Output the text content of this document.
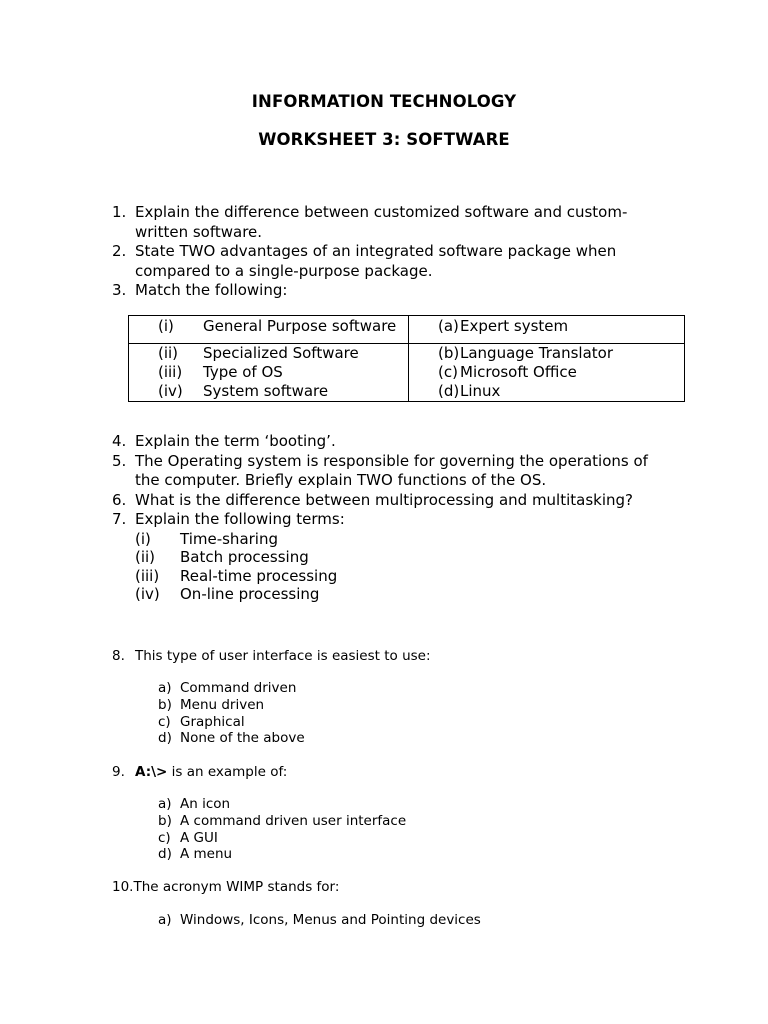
INFORMATION TECHNOLOGY
WORKSHEET 3: SOFTWARE
1. Explain the difference between customized software and custom-written software.
2. State TWO advantages of an integrated software package when compared to a single-purpose package.
3. Match the following:
(i) General Purpose software	(a)Expert system
(ii) Specialized Software	(b)Language Translator
(iii) Type of OS	(c) Microsoft Office
(iv) System software	(d)Linux
4. Explain the term ‘booting’.
5. The Operating system is responsible for governing the operations of the computer. Briefly explain TWO functions of the OS.
6. What is the difference between multiprocessing and multitasking?
7. Explain the following terms:
(i) Time-sharing
(ii) Batch processing
(iii) Real-time processing
(iv) On-line processing
8. This type of user interface is easiest to use:
a) Command driven
b) Menu driven
c) Graphical
d) None of the above
9. A:\> is an example of:
a) An icon
b) A command driven user interface
c) A GUI
d) A menu
10.The acronym WIMP stands for:
a) Windows, Icons, Menus and Pointing devices
